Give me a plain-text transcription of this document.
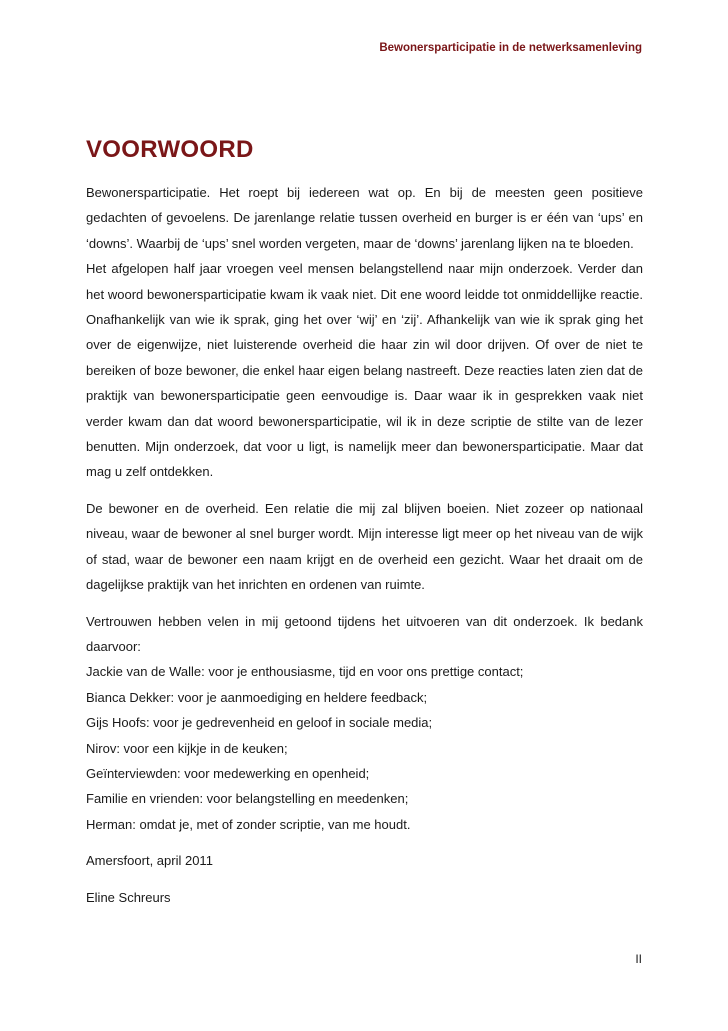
Bewonersparticipatie in de netwerksamenleving
VOORWOORD

Bewonersparticipatie. Het roept bij iedereen wat op. En bij de meesten geen positieve gedachten of gevoelens. De jarenlange relatie tussen overheid en burger is er één van ‘ups’ en ‘downs’. Waarbij de ‘ups’ snel worden vergeten, maar de ‘downs’ jarenlang lijken na te bloeden.

Het afgelopen half jaar vroegen veel mensen belangstellend naar mijn onderzoek. Verder dan het woord bewonersparticipatie kwam ik vaak niet. Dit ene woord leidde tot onmiddellijke reactie. Onafhankelijk van wie ik sprak, ging het over ‘wij’ en ‘zij’. Afhankelijk van wie ik sprak ging het over de eigenwijze, niet luisterende overheid die haar zin wil door drijven. Of over de niet te bereiken of boze bewoner, die enkel haar eigen belang nastreeft. Deze reacties laten zien dat de praktijk van bewonersparticipatie geen eenvoudige is. Daar waar ik in gesprekken vaak niet verder kwam dan dat woord bewonersparticipatie, wil ik in deze scriptie de stilte van de lezer benutten. Mijn onderzoek, dat voor u ligt, is namelijk meer dan bewonersparticipatie. Maar dat mag u zelf ontdekken.

De bewoner en de overheid. Een relatie die mij zal blijven boeien. Niet zozeer op nationaal niveau, waar de bewoner al snel burger wordt. Mijn interesse ligt meer op het niveau van de wijk of stad, waar de bewoner een naam krijgt en de overheid een gezicht. Waar het draait om de dagelijkse praktijk van het inrichten en ordenen van ruimte.

Vertrouwen hebben velen in mij getoond tijdens het uitvoeren van dit onderzoek. Ik bedank daarvoor:

Jackie van de Walle: voor je enthousiasme, tijd en voor ons prettige contact;
Bianca Dekker: voor je aanmoediging en heldere feedback;
Gijs Hoofs: voor je gedrevenheid en geloof in sociale media;
Nirov: voor een kijkje in de keuken;
Geïnterviewden: voor medewerking en openheid;
Familie en vrienden: voor belangstelling en meedenken;
Herman: omdat je, met of zonder scriptie, van me houdt.
Amersfoort, april 2011
Eline Schreurs
II
